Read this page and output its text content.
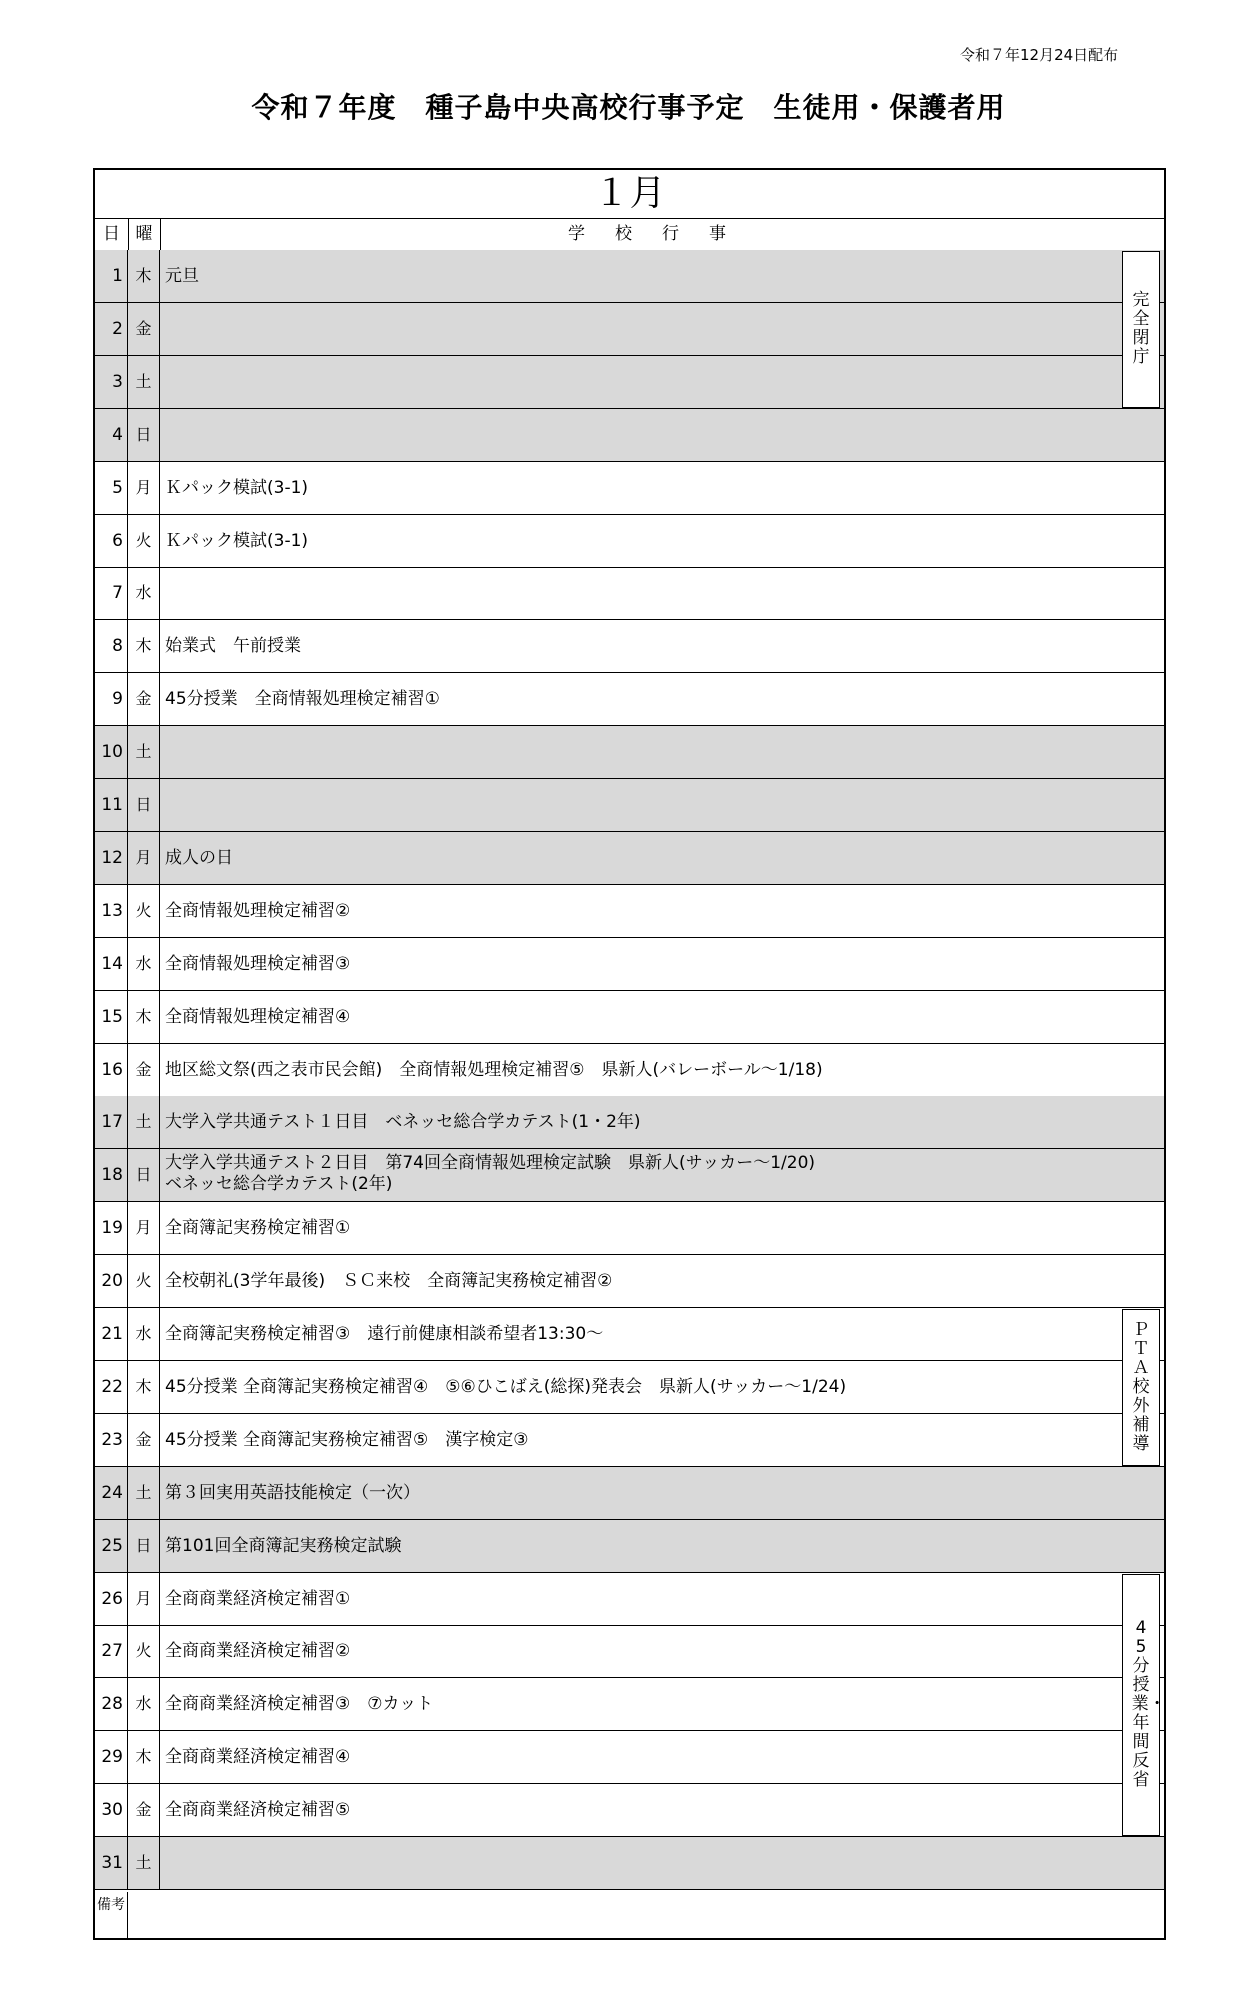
令和７年12月24日配布
令和７年度　種子島中央高校行事予定　生徒用・保護者用
１月
日 曜	学校行事
1 木 元旦
2 金
3 土
4 日
5 月 Ｋパック模試(3-1)
6 火 Ｋパック模試(3-1)
7 水
8 木 始業式　午前授業
9 金 45分授業　全商情報処理検定補習①
10 土
11 日
12 月 成人の日
13 火 全商情報処理検定補習②
14 水 全商情報処理検定補習③
15 木 全商情報処理検定補習④
16 金 地区総文祭(西之表市民会館)　全商情報処理検定補習⑤　県新人(バレーボール～1/18)
17 土 大学入学共通テスト１日目　ベネッセ総合学カテスト(1・2年)
18 日
大学入学共通テスト２日目　第74回全商情報処理検定試験　県新人(サッカー～1/20)
ベネッセ総合学カテスト(2年)
19 月 全商簿記実務検定補習①
20 火 全校朝礼(3学年最後)　ＳＣ来校　全商簿記実務検定補習②
21 水 全商簿記実務検定補習③　遠行前健康相談希望者13:30～
22 木 45分授業 全商簿記実務検定補習④　⑤⑥ひこばえ(総探)発表会　県新人(サッカー～1/24)
23 金 45分授業 全商簿記実務検定補習⑤　漢字検定③
24 土 第３回実用英語技能検定（一次）
25 日 第101回全商簿記実務検定試験
26 月 全商商業経済検定補習①
27 火 全商商業経済検定補習②
28 水 全商商業経済検定補習③　⑦カット
29 木 全商商業経済検定補習④
30 金 全商商業経済検定補習⑤
31 土
完全閉庁
ＰＴＡ校外補導
45分授業・年間反省
備考
